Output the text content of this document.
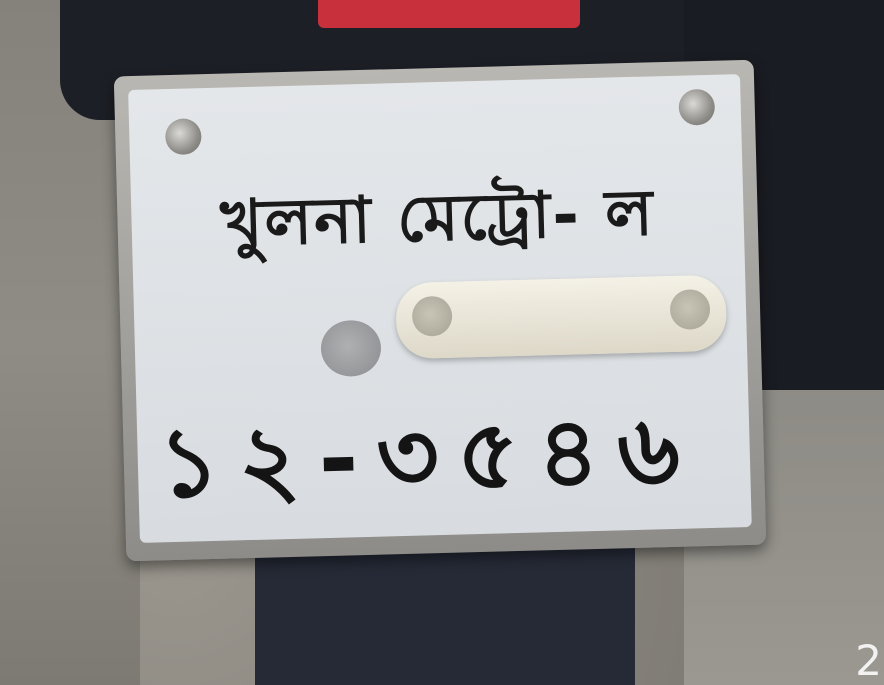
খুলনা মেট্রো- ল
১২-৩৫৪৬
2
